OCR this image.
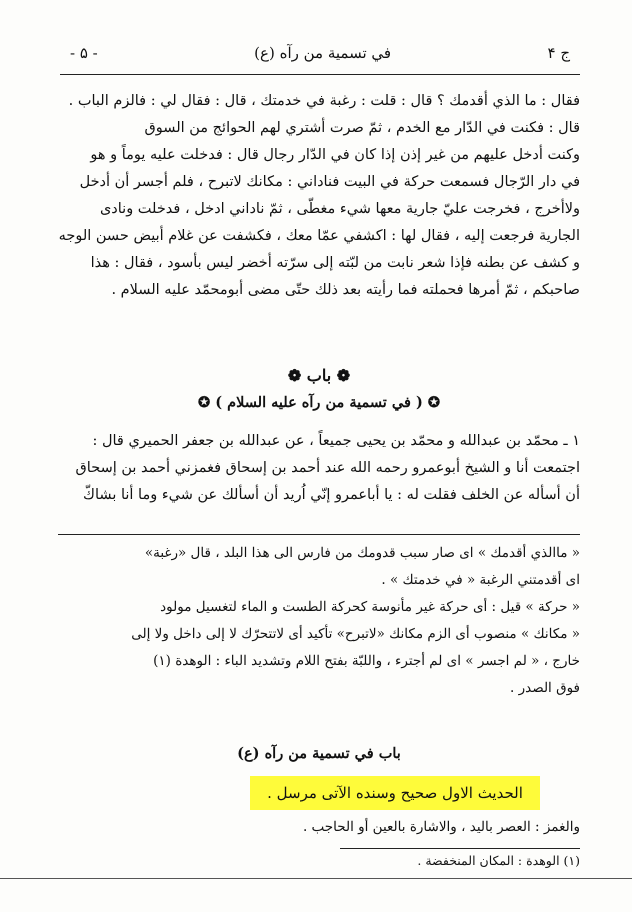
ج ۴
في تسمية من رآه (ع)
- ۵ -
فقال : ما الذي أقدمك ؟ قال : قلت : رغبة في خدمتك ، قال : فقال لي : فالزم الباب .
قال : فكنت في الدّار مع الخدم ، ثمّ صرت أشتري لهم الحوائج من السوق
وكنت أدخل عليهم من غير إذن إذا كان في الدّار رجال قال : فدخلت عليه يوماً و هو
في دار الرّجال فسمعت حركة في البيت فناداني : مكانك لاتبرح ، فلم أجسر أن أدخل
ولاأخرج ، فخرجت عليّ جارية معها شيء مغطّى ، ثمّ ناداني ادخل ، فدخلت ونادى
الجارية فرجعت إليه ، فقال لها : اكشفي عمّا معك ، فكشفت عن غلام أبيض حسن الوجه
و كشف عن بطنه فإذا شعر نابت من لبّته إلى سرّته أخضر ليس بأسود ، فقال : هذا
صاحبكم ، ثمّ أمرها فحملته فما رأيته بعد ذلك حتّى مضى أبومحمّد عليه السلام .
❁ باب ❁
✪ ( في تسمية من رآه عليه السلام ) ✪
١ ـ محمّد بن عبدالله و محمّد بن يحيى جميعاً ، عن عبدالله بن جعفر الحميري قال :
اجتمعت أنا و الشيخ أبوعمرو رحمه الله عند أحمد بن إسحاق فغمزني أحمد بن إسحاق
أن أسأله عن الخلف فقلت له : يا أباعمرو إنّي اُريد أن أسألك عن شيء وما أنا بشاكّ
« ماالذي أقدمك » اى صار سبب قدومك من فارس الى هذا البلد ، قال «رغبة»
اى أقدمتني الرغبة « في خدمتك » .
« حركة » قيل : أى حركة غير مأنوسة كحركة الطست و الماء لتغسيل مولود
« مكانك » منصوب أى الزم مكانك «لاتبرح» تأكيد أى لاتتحرّك لا إلى داخل ولا إلى
خارج ، « لم اجسر » اى لم أجترء ، واللبّة بفتح اللام وتشديد الباء : الوهدة (١)
فوق الصدر .
باب في تسمية من رآه (ع)
الحديث الاول صحيح وسنده الآتى مرسل .
والغمز : العصر باليد ، والاشارة بالعين أو الحاجب .
(١) الوهدة : المكان المنخفضة .
